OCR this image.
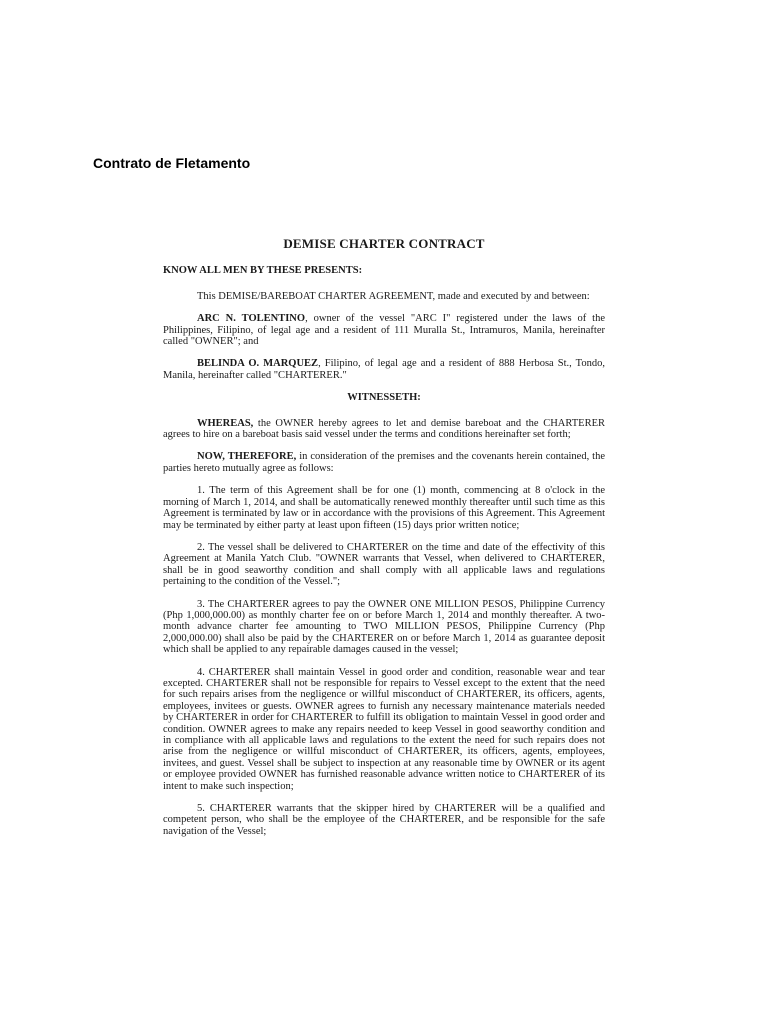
Contrato de Fletamento

DEMISE CHARTER CONTRACT

KNOW ALL MEN BY THESE PRESENTS:

This DEMISE/BAREBOAT CHARTER AGREEMENT, made and executed by and between:

ARC N. TOLENTINO, owner of the vessel "ARC I" registered under the laws of the Philippines, Filipino, of legal age and a resident of 111 Muralla St., Intramuros, Manila, hereinafter called "OWNER"; and

BELINDA O. MARQUEZ, Filipino, of legal age and a resident of 888 Herbosa St., Tondo, Manila, hereinafter called "CHARTERER."

WITNESSETH:

WHEREAS, the OWNER hereby agrees to let and demise bareboat and the CHARTERER agrees to hire on a bareboat basis said vessel under the terms and conditions hereinafter set forth;

NOW, THEREFORE, in consideration of the premises and the covenants herein contained, the parties hereto mutually agree as follows:

1. The term of this Agreement shall be for one (1) month, commencing at 8 o'clock in the morning of March 1, 2014, and shall be automatically renewed monthly thereafter until such time as this Agreement is terminated by law or in accordance with the provisions of this Agreement. This Agreement may be terminated by either party at least upon fifteen (15) days prior written notice;

2. The vessel shall be delivered to CHARTERER on the time and date of the effectivity of this Agreement at Manila Yatch Club. "OWNER warrants that Vessel, when delivered to CHARTERER, shall be in good seaworthy condition and shall comply with all applicable laws and regulations pertaining to the condition of the Vessel.";

3. The CHARTERER agrees to pay the OWNER ONE MILLION PESOS, Philippine Currency (Php 1,000,000.00) as monthly charter fee on or before March 1, 2014 and monthly thereafter. A two-month advance charter fee amounting to TWO MILLION PESOS, Philippine Currency (Php 2,000,000.00) shall also be paid by the CHARTERER on or before March 1, 2014 as guarantee deposit which shall be applied to any repairable damages caused in the vessel;

4. CHARTERER shall maintain Vessel in good order and condition, reasonable wear and tear excepted. CHARTERER shall not be responsible for repairs to Vessel except to the extent that the need for such repairs arises from the negligence or willful misconduct of CHARTERER, its officers, agents, employees, invitees or guests. OWNER agrees to furnish any necessary maintenance materials needed by CHARTERER in order for CHARTERER to fulfill its obligation to maintain Vessel in good order and condition. OWNER agrees to make any repairs needed to keep Vessel in good seaworthy condition and in compliance with all applicable laws and regulations to the extent the need for such repairs does not arise from the negligence or willful misconduct of CHARTERER, its officers, agents, employees, invitees, and guest. Vessel shall be subject to inspection at any reasonable time by OWNER or its agent or employee provided OWNER has furnished reasonable advance written notice to CHARTERER of its intent to make such inspection;

5. CHARTERER warrants that the skipper hired by CHARTERER will be a qualified and competent person, who shall be the employee of the CHARTERER, and be responsible for the safe navigation of the Vessel;
